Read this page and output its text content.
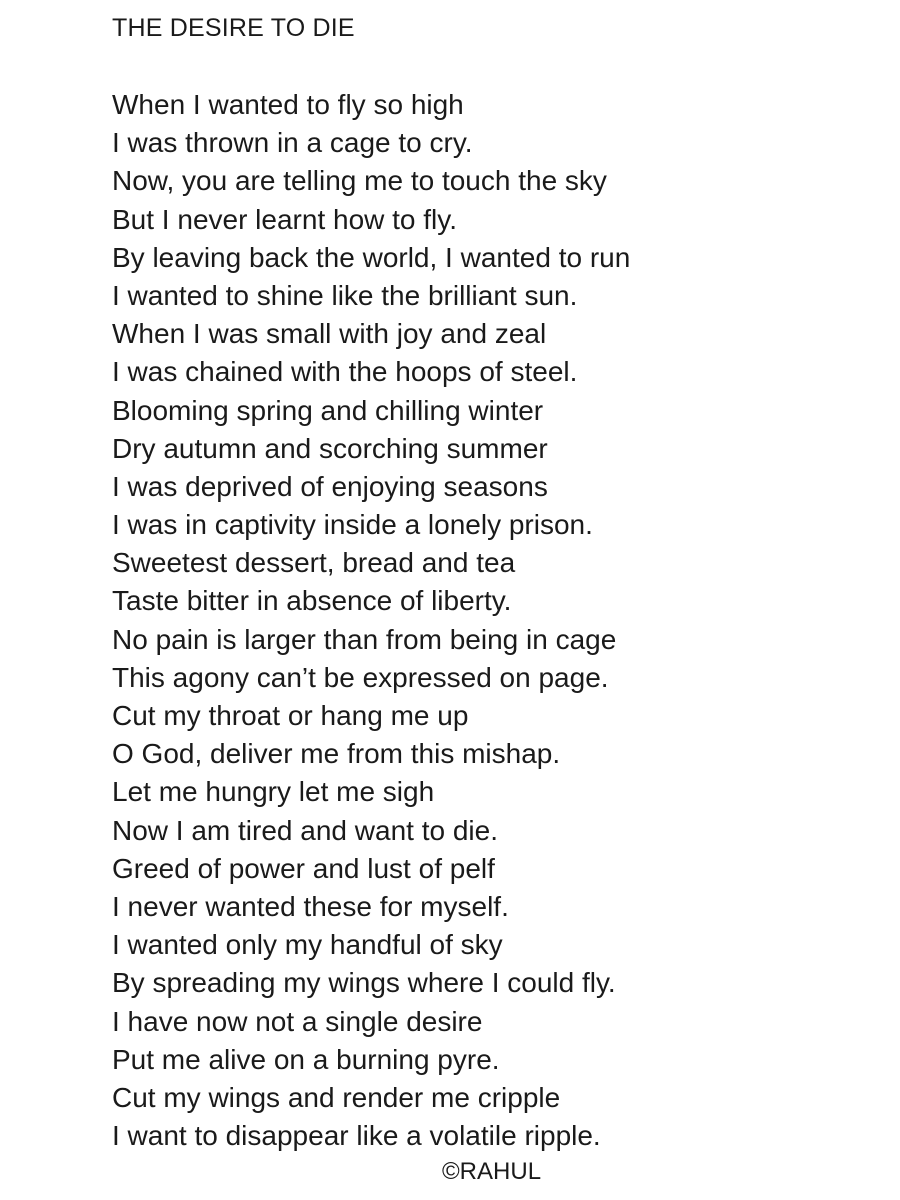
THE DESIRE TO DIE
When I wanted to fly so high
I was thrown in a cage to cry.
Now, you are telling me to touch the sky
But I never learnt how to fly.
By leaving back the world, I wanted to run
I wanted to shine like the brilliant sun.
When I was small with joy and zeal
I was chained with the hoops of steel.
Blooming spring and chilling winter
Dry autumn and scorching summer
I was deprived of enjoying seasons
I was in captivity inside a lonely prison.
Sweetest dessert, bread and tea
Taste bitter in absence of liberty.
No pain is larger than from being in cage
This agony can’t be expressed on page.
Cut my throat or hang me up
O God, deliver me from this mishap.
Let me hungry let me sigh
Now I am tired and want to die.
Greed of power and lust of pelf
I never wanted these for myself.
I wanted only my handful of sky
By spreading my wings where I could fly.
I have now not a single desire
Put me alive on a burning pyre.
Cut my wings and render me cripple
I want to disappear like a volatile ripple.
©RAHUL
